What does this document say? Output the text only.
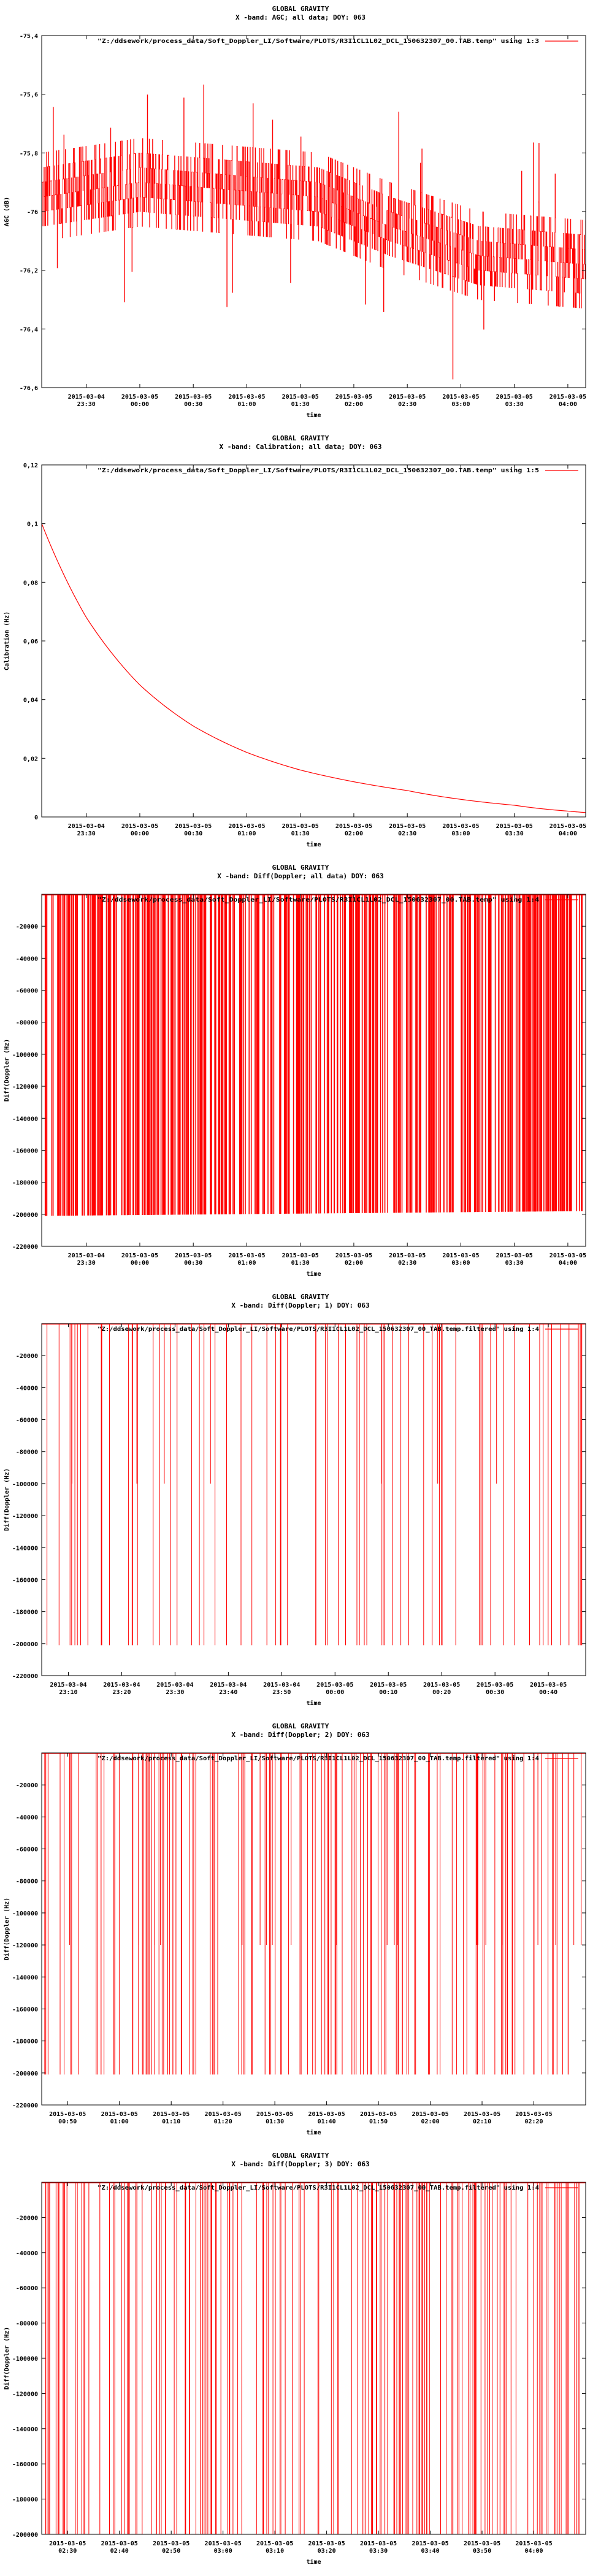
GLOBAL GRAVITY
X -band: AGC; all data; DOY: 063
-75,4
-75,6
-75,8
-76
-76,2
-76,4
-76,6
2015-03-04
23:30
2015-03-05
00:00
2015-03-05
00:30
2015-03-05
01:00
2015-03-05
01:30
2015-03-05
02:00
2015-03-05
02:30
2015-03-05
03:00
2015-03-05
03:30
2015-03-05
04:00
time
AGC (dB)
"Z:/ddsework/process_data/Soft_Doppler_LI/Software/PLOTS/R3I1CL1L02_DCL_150632307_00.TAB.temp" using 1:3
GLOBAL GRAVITY
X -band: Calibration; all data; DOY: 063
0
0,02
0,04
0,06
0,08
0,1
0,12
2015-03-04
23:30
2015-03-05
00:00
2015-03-05
00:30
2015-03-05
01:00
2015-03-05
01:30
2015-03-05
02:00
2015-03-05
02:30
2015-03-05
03:00
2015-03-05
03:30
2015-03-05
04:00
time
Calibration (Hz)
"Z:/ddsework/process_data/Soft_Doppler_LI/Software/PLOTS/R3I1CL1L02_DCL_150632307_00.TAB.temp" using 1:5
GLOBAL GRAVITY
X -band: Diff(Doppler; all data) DOY: 063
-20000
-40000
-60000
-80000
-100000
-120000
-140000
-160000
-180000
-200000
-220000
2015-03-04
23:30
2015-03-05
00:00
2015-03-05
00:30
2015-03-05
01:00
2015-03-05
01:30
2015-03-05
02:00
2015-03-05
02:30
2015-03-05
03:00
2015-03-05
03:30
2015-03-05
04:00
time
Diff(Doppler (Hz)
"Z:/ddsework/process_data/Soft_Doppler_LI/Software/PLOTS/R3I1CL1L02_DCL_150632307_00.TAB.temp" using 1:4
GLOBAL GRAVITY
X -band: Diff(Doppler; 1) DOY: 063
-20000
-40000
-60000
-80000
-100000
-120000
-140000
-160000
-180000
-200000
-220000
2015-03-04
23:10
2015-03-04
23:20
2015-03-04
23:30
2015-03-04
23:40
2015-03-04
23:50
2015-03-05
00:00
2015-03-05
00:10
2015-03-05
00:20
2015-03-05
00:30
2015-03-05
00:40
time
Diff(Doppler (Hz)
"Z:/ddsework/process_data/Soft_Doppler_LI/Software/PLOTS/R3I1CL1L02_DCL_150632307_00_TAB.temp.filtered" using 1:4
GLOBAL GRAVITY
X -band: Diff(Doppler; 2) DOY: 063
-20000
-40000
-60000
-80000
-100000
-120000
-140000
-160000
-180000
-200000
-220000
2015-03-05
00:50
2015-03-05
01:00
2015-03-05
01:10
2015-03-05
01:20
2015-03-05
01:30
2015-03-05
01:40
2015-03-05
01:50
2015-03-05
02:00
2015-03-05
02:10
2015-03-05
02:20
time
Diff(Doppler (Hz)
"Z:/ddsework/process_data/Soft_Doppler_LI/Software/PLOTS/R3I1CL1L02_DCL_150632307_00_TAB.temp.filtered" using 1:4
GLOBAL GRAVITY
X -band: Diff(Doppler; 3) DOY: 063
-20000
-40000
-60000
-80000
-100000
-120000
-140000
-160000
-180000
-200000
2015-03-05
02:30
2015-03-05
02:40
2015-03-05
02:50
2015-03-05
03:00
2015-03-05
03:10
2015-03-05
03:20
2015-03-05
03:30
2015-03-05
03:40
2015-03-05
03:50
2015-03-05
04:00
time
Diff(Doppler (Hz)
"Z:/ddsework/process_data/Soft_Doppler_LI/Software/PLOTS/R3I1CL1L02_DCL_150632307_00_TAB.temp.filtered" using 1:4
